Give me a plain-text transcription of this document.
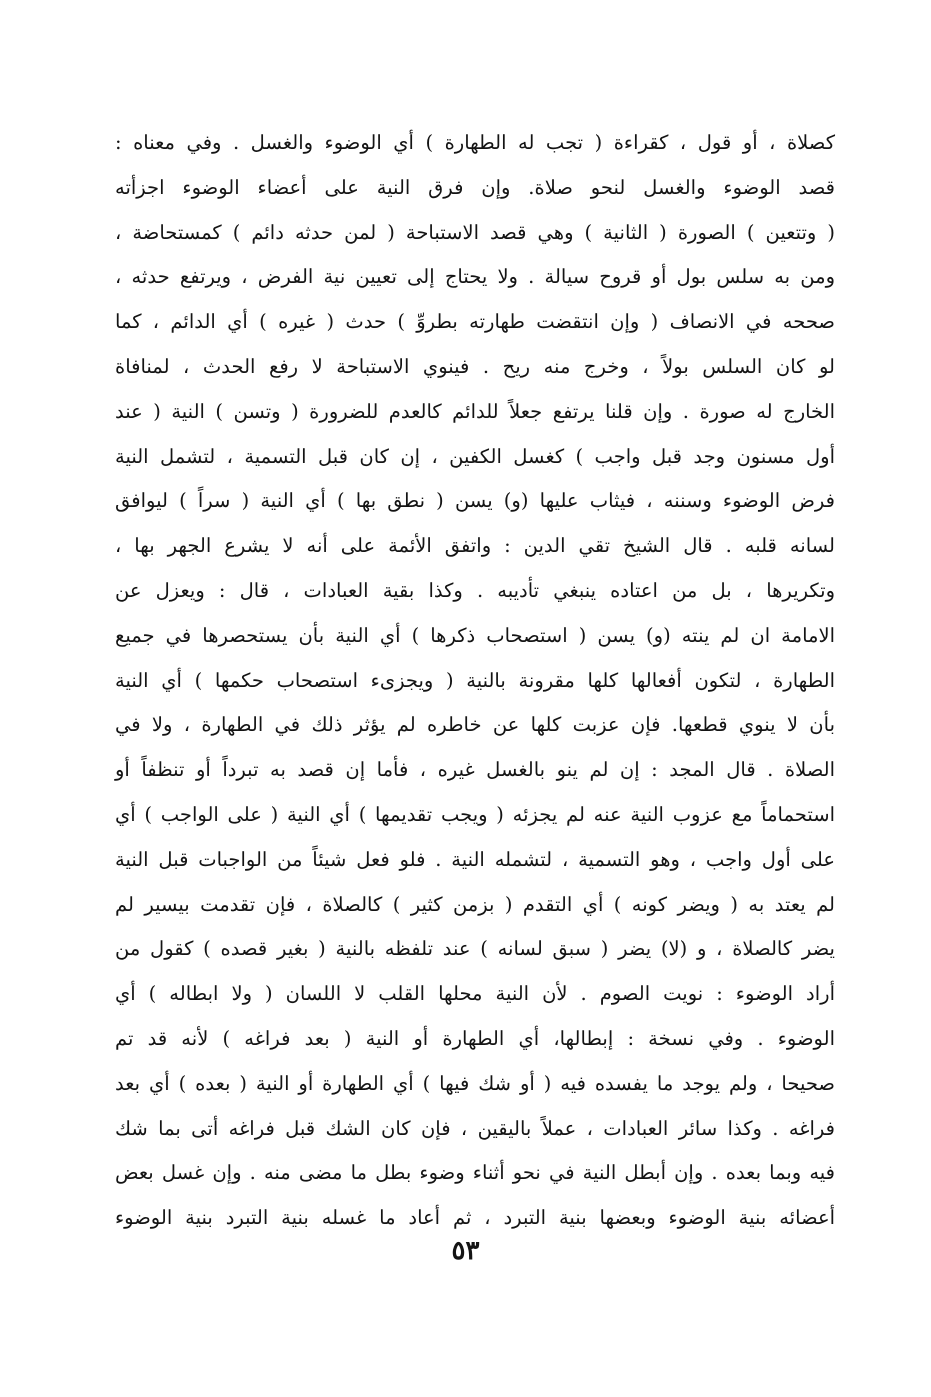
كصلاة ، أو قول ، كقراءة ( تجب له الطهارة ) أي الوضوء والغسل . وفي معناه :
قصد الوضوء والغسل لنحو صلاة. وإن فرق النية على أعضاء الوضوء اجزأته
( وتتعين ) الصورة ( الثانية ) وهي قصد الاستباحة ( لمن حدثه دائم ) كمستحاضة ،
ومن به سلس بول أو قروح سيالة . ولا يحتاج إلى تعيين نية الفرض ، ويرتفع حدثه ،
صححه في الانصاف ( وإن انتقضت طهارته بطروِّ ) حدث ( غيره ) أي الدائم ، كما
لو كان السلس بولاً ، وخرج منه ريح . فينوي الاستباحة لا رفع الحدث ، لمنافاة
الخارج له صورة . وإن قلنا يرتفع جعلاً للدائم كالعدم للضرورة ( وتسن ) النية ( عند
أول مسنون وجد قبل واجب ) كغسل الكفين ، إن كان قبل التسمية ، لتشمل النية
فرض الوضوء وسننه ، فيثاب عليها (و) يسن ( نطق بها ) أي النية ( سراً ) ليوافق
لسانه قلبه . قال الشيخ تقي الدين : واتفق الأئمة على أنه لا يشرع الجهر بها ،
وتكريرها ، بل من اعتاده ينبغي تأديبه . وكذا بقية العبادات ، قال : ويعزل عن
الامامة ان لم ينته (و) يسن ( استصحاب ذكرها ) أي النية بأن يستحصرها في جميع
الطهارة ، لتكون أفعالها كلها مقرونة بالنية ( ويجزىء استصحاب حكمها ) أي النية
بأن لا ينوي قطعها. فإن عزبت كلها عن خاطره لم يؤثر ذلك في الطهارة ، ولا في
الصلاة . قال المجد : إن لم ينو بالغسل غيره ، فأما إن قصد به تبرداً أو تنظفاً أو
استحماماً مع عزوب النية عنه لم يجزئه ( ويجب تقديمها ) أي النية ( على الواجب ) أي
على أول واجب ، وهو التسمية ، لتشمله النية . فلو فعل شيئاً من الواجبات قبل النية
لم يعتد به ( ويضر كونه ) أي التقدم ( بزمن كثير ) كالصلاة ، فإن تقدمت بيسير لم
يضر كالصلاة ، و (لا) يضر ( سبق لسانه ) عند تلفظه بالنية ( بغير قصده ) كقول من
أراد الوضوء : نويت الصوم . لأن النية محلها القلب لا اللسان ( ولا ابطاله ) أي
الوضوء . وفي نسخة : إبطالها، أي الطهارة أو النية ( بعد فراغه ) لأنه قد تم
صحيحا ، ولم يوجد ما يفسده فيه ( أو شك فيها ) أي الطهارة أو النية ( بعده ) أي بعد
فراغه . وكذا سائر العبادات ، عملاً باليقين ، فإن كان الشك قبل فراغه أتى بما شك
فيه وبما بعده . وإن أبطل النية في نحو أثناء وضوء بطل ما مضى منه . وإن غسل بعض
أعضائه بنية الوضوء وبعضها بنية التبرد ، ثم أعاد ما غسله بنية التبرد بنية الوضوء
٥٣
